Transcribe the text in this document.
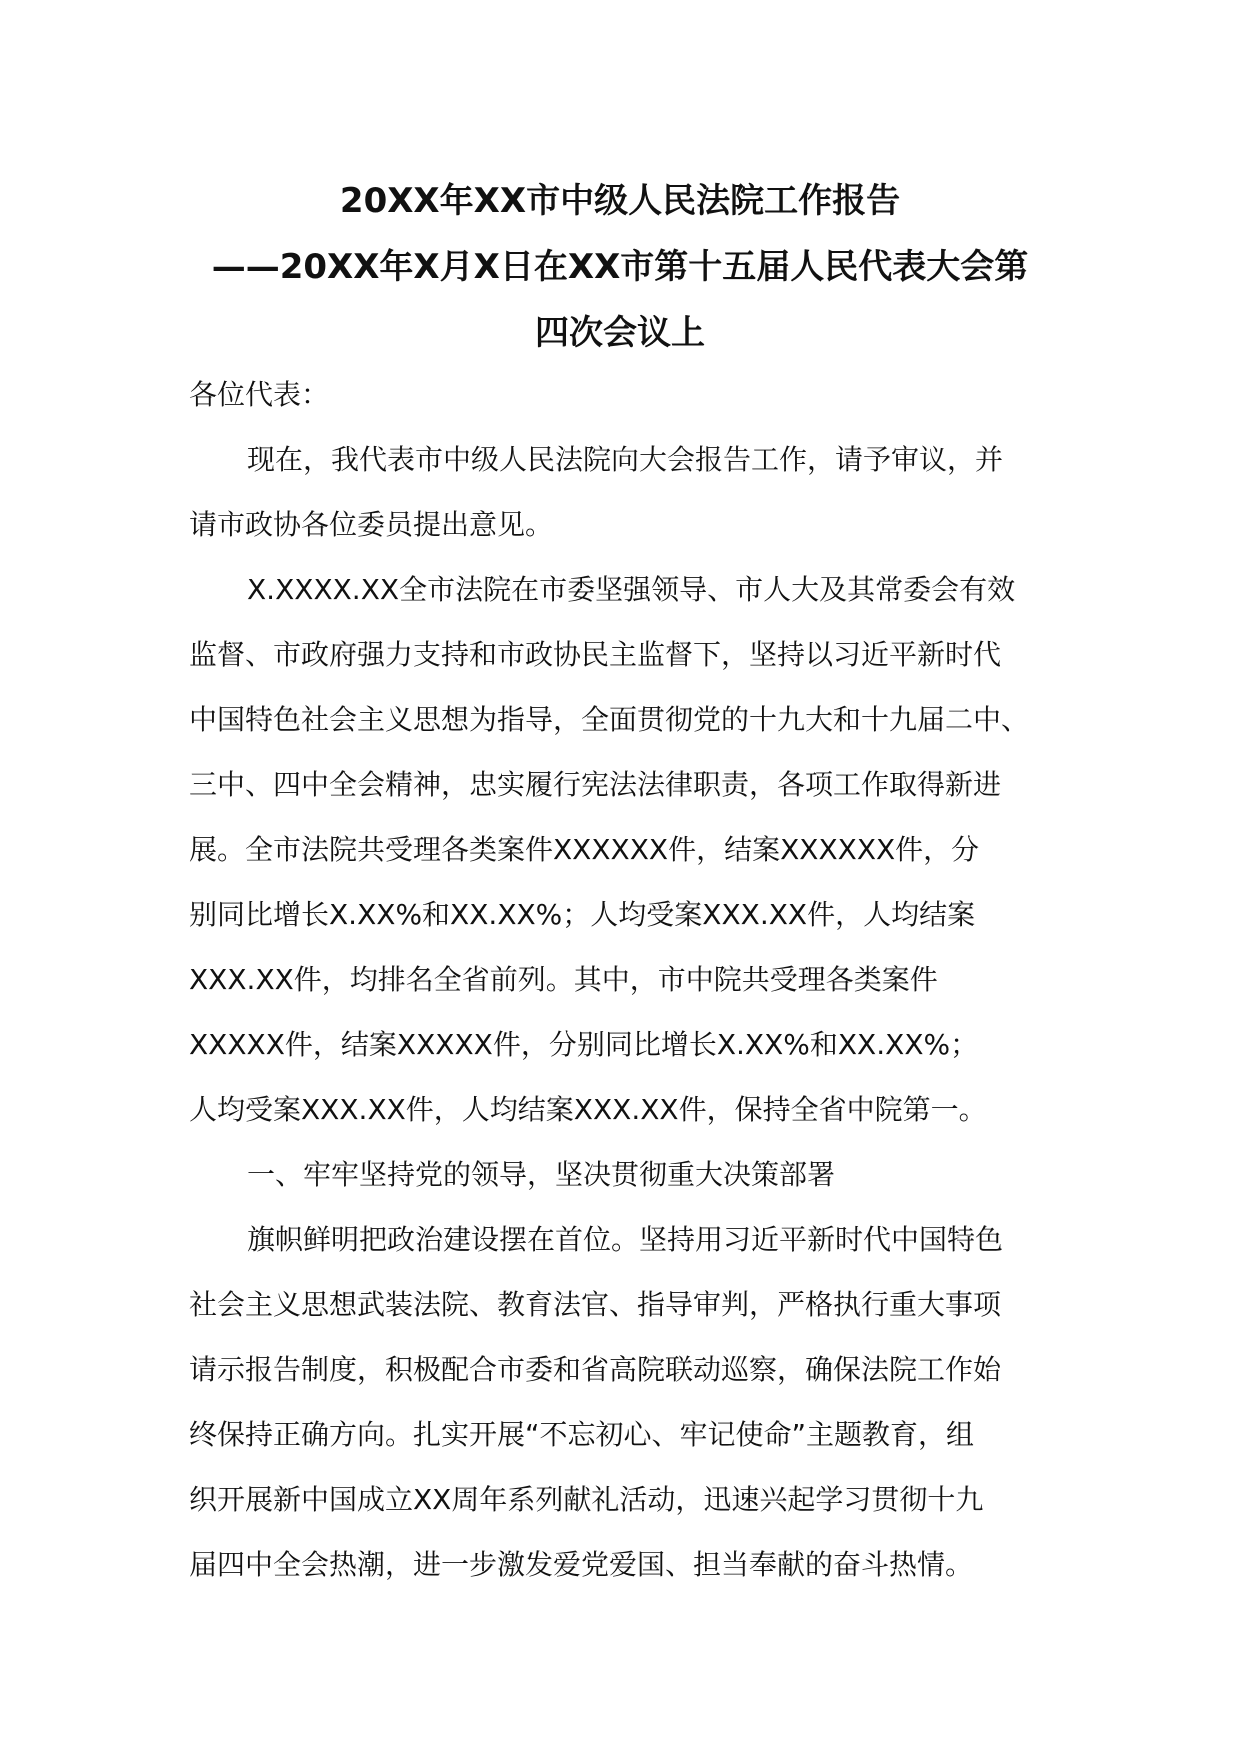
20XX年XX市中级人民法院工作报告
——20XX年X月X日在XX市第十五届人民代表大会第
四次会议上
各位代表：
现在，我代表市中级人民法院向大会报告工作，请予审议，并
请市政协各位委员提出意见。
X.XXXX.XX全市法院在市委坚强领导、市人大及其常委会有效
监督、市政府强力支持和市政协民主监督下，坚持以习近平新时代
中国特色社会主义思想为指导，全面贯彻党的十九大和十九届二中、
三中、四中全会精神，忠实履行宪法法律职责，各项工作取得新进
展。全市法院共受理各类案件XXXXXX件，结案XXXXXX件，分
别同比增长X.XX%和XX.XX%；人均受案XXX.XX件，人均结案
XXX.XX件，均排名全省前列。其中，市中院共受理各类案件
XXXXX件，结案XXXXX件，分别同比增长X.XX%和XX.XX%；
人均受案XXX.XX件，人均结案XXX.XX件，保持全省中院第一。
一、牢牢坚持党的领导，坚决贯彻重大决策部署
旗帜鲜明把政治建设摆在首位。坚持用习近平新时代中国特色
社会主义思想武装法院、教育法官、指导审判，严格执行重大事项
请示报告制度，积极配合市委和省高院联动巡察，确保法院工作始
终保持正确方向。扎实开展“不忘初心、牢记使命”主题教育，组
织开展新中国成立XX周年系列献礼活动，迅速兴起学习贯彻十九
届四中全会热潮，进一步激发爱党爱国、担当奉献的奋斗热情。
